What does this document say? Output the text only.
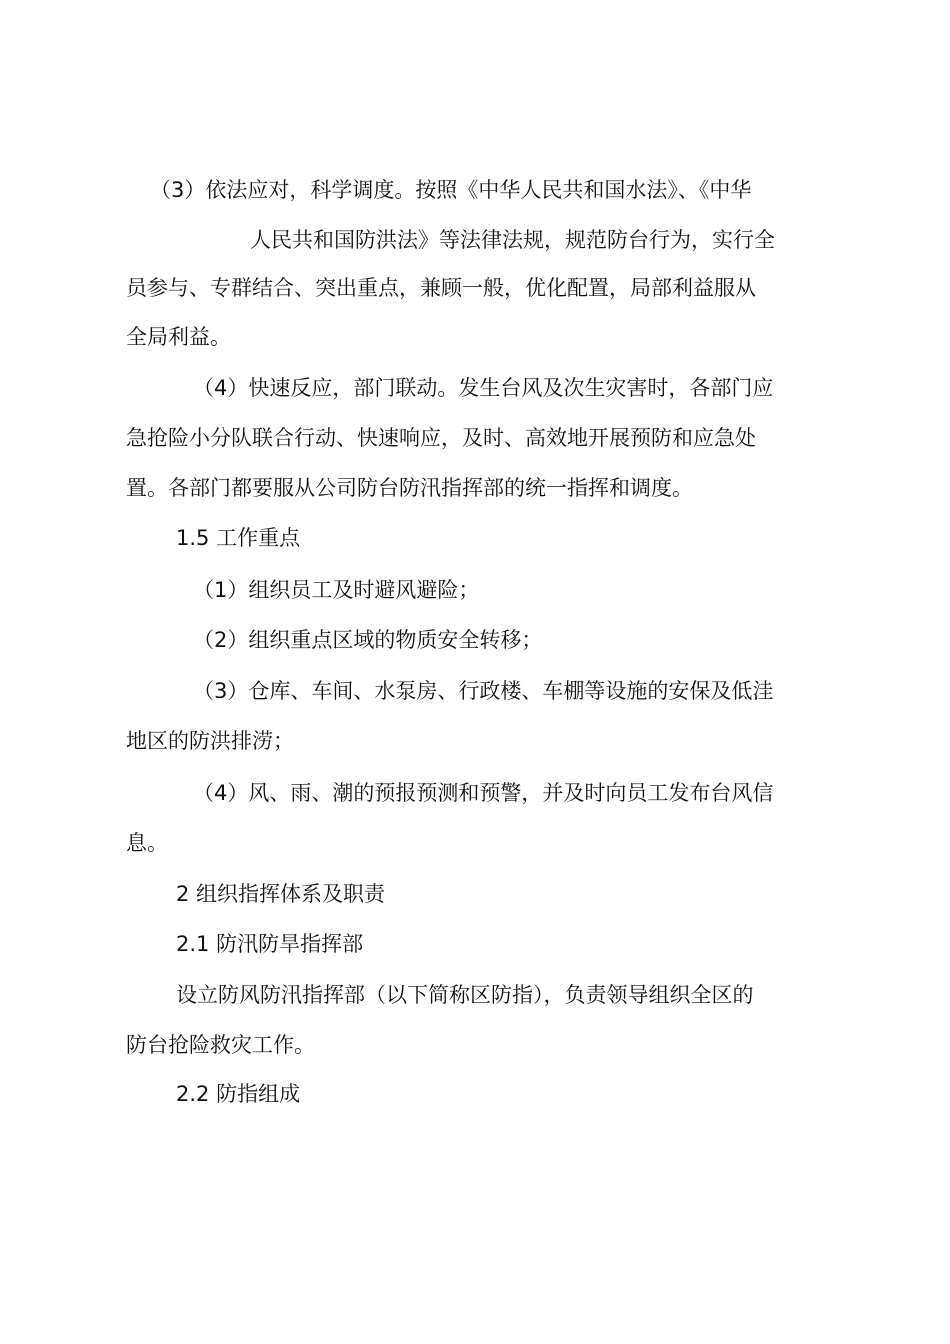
（3）依法应对，科学调度。按照《中华人民共和国水法》、《中华

人民共和国防洪法》等法律法规，规范防台行为，实行全

员参与、专群结合、突出重点，兼顾一般，优化配置，局部利益服从

全局利益。

（4）快速反应，部门联动。发生台风及次生灾害时，各部门应

急抢险小分队联合行动、快速响应，及时、高效地开展预防和应急处

置。各部门都要服从公司防台防汛指挥部的统一指挥和调度。

1.5 工作重点

（1）组织员工及时避风避险；

（2）组织重点区域的物质安全转移；

（3）仓库、车间、水泵房、行政楼、车棚等设施的安保及低洼

地区的防洪排涝；

（4）风、雨、潮的预报预测和预警，并及时向员工发布台风信

息。

2 组织指挥体系及职责

2.1 防汛防旱指挥部

设立防风防汛指挥部（以下简称区防指），负责领导组织全区的

防台抢险救灾工作。

2.2 防指组成
